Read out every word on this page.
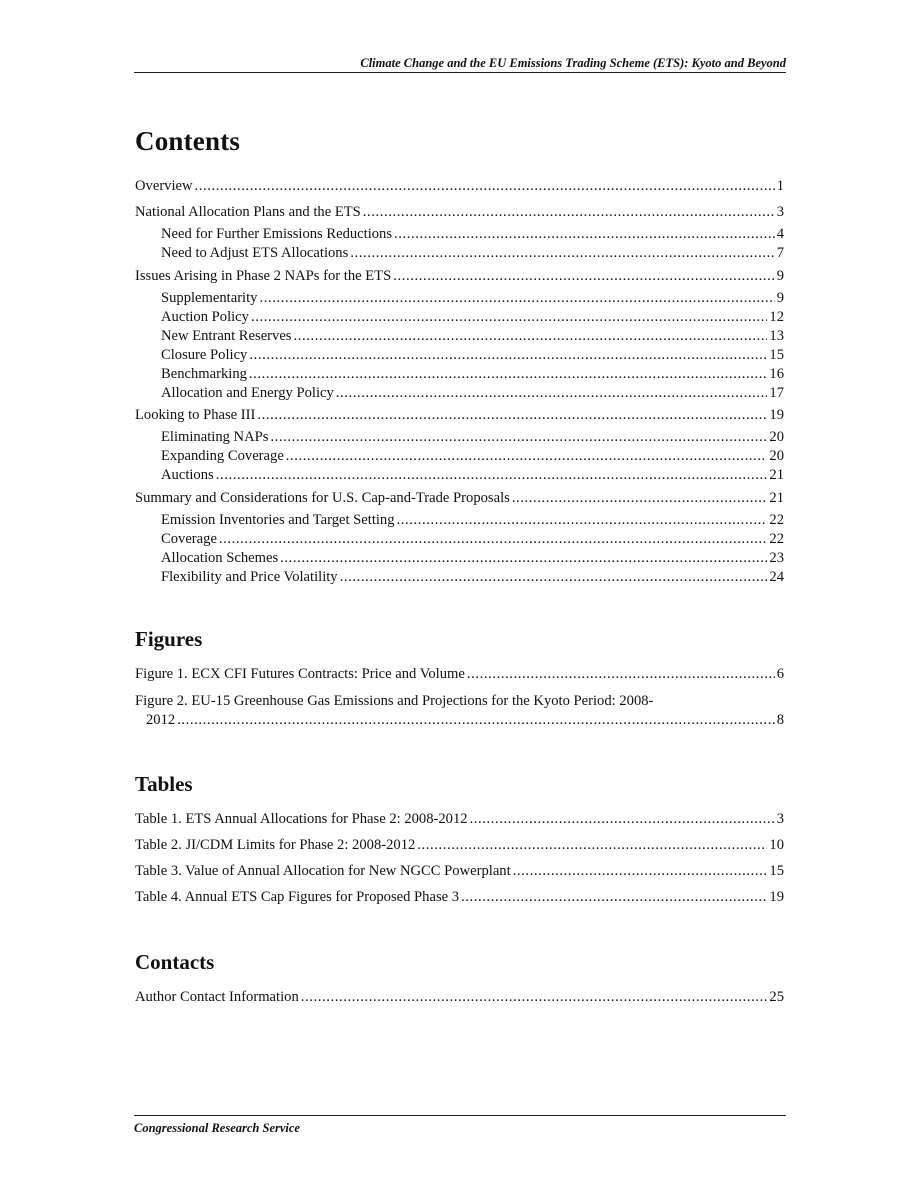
Climate Change and the EU Emissions Trading Scheme (ETS): Kyoto and Beyond
Contents
Overview .....	1
National Allocation Plans and the ETS .....	3
Need for Further Emissions Reductions .....	4
Need to Adjust ETS Allocations .....	7
Issues Arising in Phase 2 NAPs for the ETS .....	9
Supplementarity .....	9
Auction Policy .....	12
New Entrant Reserves .....	13
Closure Policy .....	15
Benchmarking .....	16
Allocation and Energy Policy .....	17
Looking to Phase III .....	19
Eliminating NAPs .....	20
Expanding Coverage .....	20
Auctions .....	21
Summary and Considerations for U.S. Cap-and-Trade Proposals .....	21
Emission Inventories and Target Setting .....	22
Coverage .....	22
Allocation Schemes .....	23
Flexibility and Price Volatility .....	24
Figures
Figure 1. ECX CFI Futures Contracts: Price and Volume .....	6
Figure 2. EU-15 Greenhouse Gas Emissions and Projections for the Kyoto Period: 2008-
2012 .....	8
Tables
Table 1. ETS Annual Allocations for Phase 2: 2008-2012 .....	3
Table 2. JI/CDM Limits for Phase 2: 2008-2012 .....	10
Table 3. Value of Annual Allocation for New NGCC Powerplant .....	15
Table 4. Annual ETS Cap Figures for Proposed Phase 3 .....	19
Contacts
Author Contact Information .....	25
Congressional Research Service
